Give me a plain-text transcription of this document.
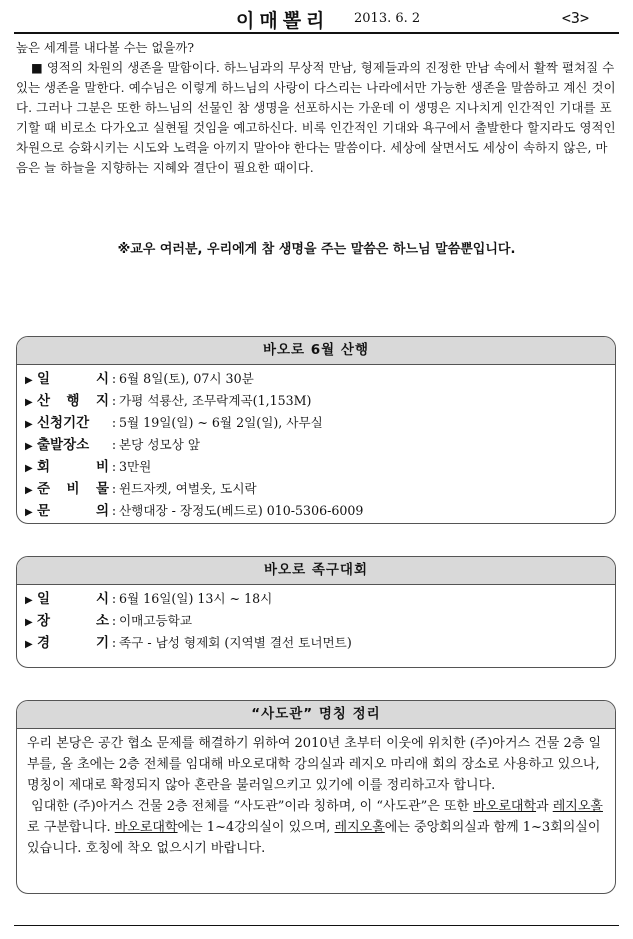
이매뽈리 2013. 6. 2	<3>

높은 세계를 내다볼 수는 없을까?

■ 영적의 차원의 생존을 말함이다. 하느님과의 무상적 만남, 형제들과의 진정한 만남 속에서 활짝 펼쳐질 수 있는 생존을 말한다. 예수님은 이렇게 하느님의 사랑이 다스리는 나라에서만 가능한 생존을 말씀하고 계신 것이다. 그러나 그분은 또한 하느님의 선물인 참 생명을 선포하시는 가운데 이 생명은 지나치게 인간적인 기대를 포기할 때 비로소 다가오고 실현될 것임을 예고하신다. 비록 인간적인 기대와 욕구에서 출발한다 할지라도 영적인 차원으로 승화시키는 시도와 노력을 아끼지 말아야 한다는 말씀이다. 세상에 살면서도 세상이 속하지 않은, 마음은 늘 하늘을 지향하는 지혜와 결단이 필요한 때이다.

※교우 여러분, 우리에게 참 생명을 주는 말씀은 하느님 말씀뿐입니다.
바오로 6월 산행
▶ 일 시 : 6월 8일(토), 07시 30분
▶ 산 행 지 : 가평 석룡산, 조무락계곡(1,153M)
▶ 신청기간 : 5월 19일(일) ~ 6월 2일(일), 사무실
▶ 출발장소 : 본당 성모상 앞
▶ 회 비 : 3만원
▶ 준 비 물 : 윈드자켓, 여벌옷, 도시락
▶ 문 의 : 산행대장 - 장정도(베드로) 010-5306-6009
바오로 족구대회
▶ 일 시 : 6월 16일(일) 13시 ~ 18시
▶ 장 소 : 이매고등학교
▶ 경 기 : 족구 - 남성 형제회 (지역별 결선 토너먼트)
“사도관” 명칭 정리

우리 본당은 공간 협소 문제를 해결하기 위하여 2010년 초부터 이웃에 위치한 (주)아거스 건물 2층 일부를, 올 초에는 2층 전체를 임대해 바오로대학 강의실과 레지오 마리애 회의 장소로 사용하고 있으나, 명칭이 제대로 확정되지 않아 혼란을 불러일으키고 있기에 이를 정리하고자 합니다.

임대한 (주)아거스 건물 2층 전체를 “사도관”이라 칭하며, 이 “사도관”은 또한 바오로대학과 레지오홀로 구분합니다. 바오로대학에는 1~4강의실이 있으며, 레지오홀에는 중앙회의실과 함께 1~3회의실이 있습니다. 호칭에 착오 없으시기 바랍니다.
